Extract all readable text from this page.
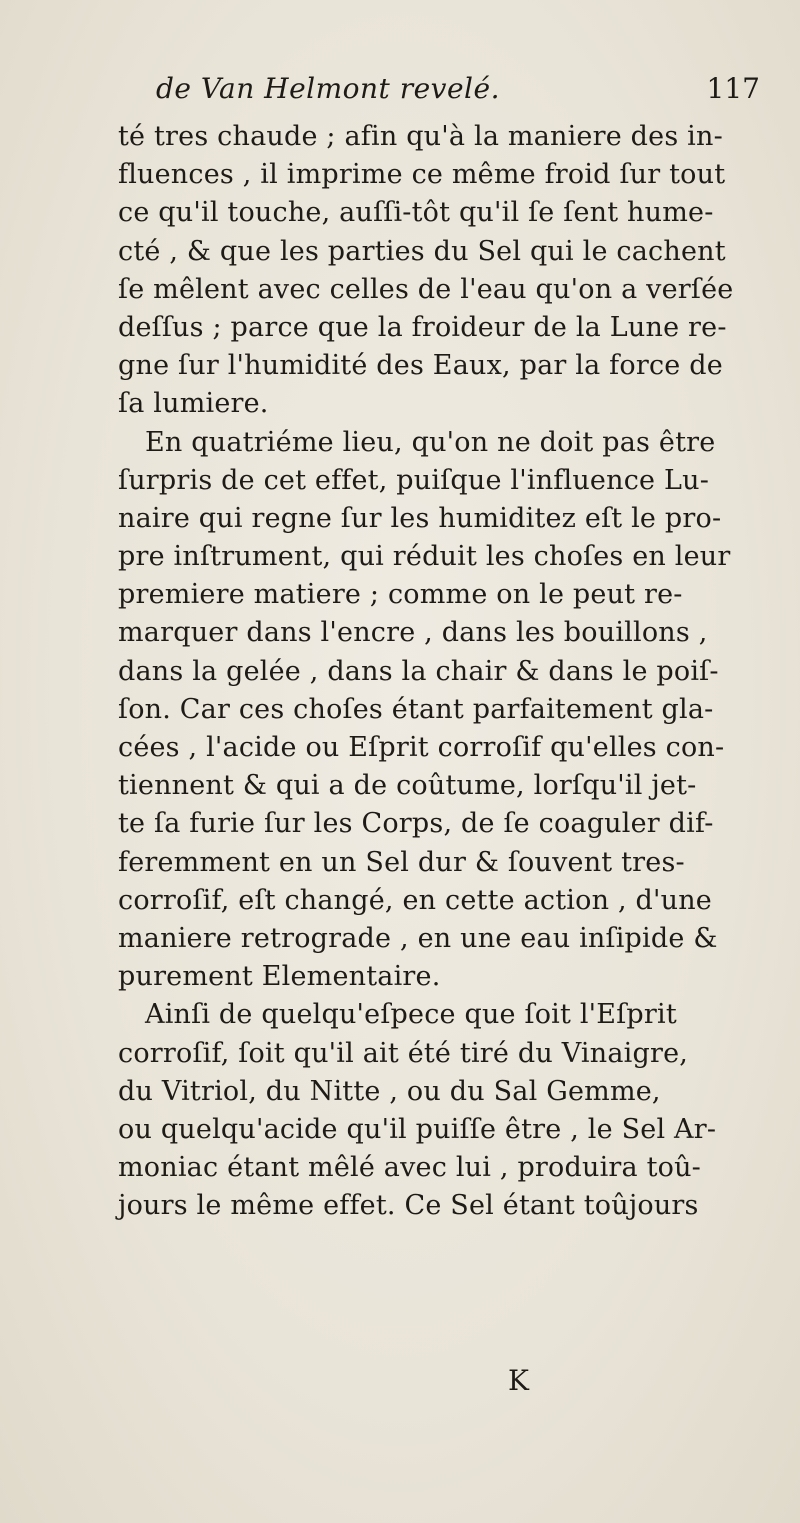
de Van Helmont revelé.	117
té tres chaude ; afin qu'à la maniere des in-
fluences , il imprime ce même froid ſur tout
ce qu'il touche, auſſi-tôt qu'il ſe ſent hume-
cté , & que les parties du Sel qui le cachent
ſe mêlent avec celles de l'eau qu'on a verſée
deſſus ; parce que la froideur de la Lune re-
gne ſur l'humidité des Eaux, par la force de
ſa lumiere.
En quatriéme lieu, qu'on ne doit pas être
ſurpris de cet effet, puiſque l'influence Lu-
naire qui regne ſur les humiditez eſt le pro-
pre inſtrument, qui réduit les choſes en leur
premiere matiere ; comme on le peut re-
marquer dans l'encre , dans les bouillons ,
dans la gelée , dans la chair & dans le poiſ-
ſon. Car ces choſes étant parfaitement gla-
cées , l'acide ou Eſprit corroſif qu'elles con-
tiennent & qui a de coûtume, lorſqu'il jet-
te ſa furie ſur les Corps, de ſe coaguler dif-
feremment en un Sel dur & ſouvent tres-
corroſif, eſt changé, en cette action , d'une
maniere retrograde , en une eau inſipide &
purement Elementaire.
Ainſi de quelqu'eſpece que ſoit l'Eſprit
corroſif, ſoit qu'il ait été tiré du Vinaigre,
du Vitriol, du Nitte , ou du Sal Gemme,
ou quelqu'acide qu'il puiſſe être , le Sel Ar-
moniac étant mêlé avec lui , produira toû-
jours le même effet. Ce Sel étant toûjours
K
